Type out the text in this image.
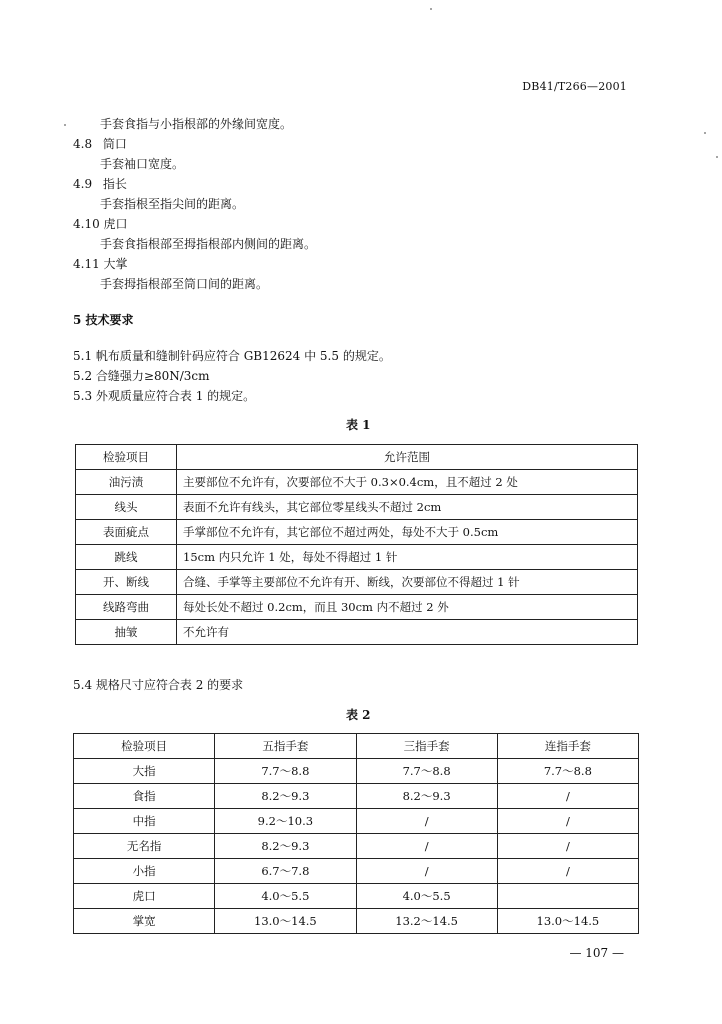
DB41/T266—2001
手套食指与小指根部的外缘间宽度。
4.8 筒口
手套袖口宽度。
4.9 指长
手套指根至指尖间的距离。
4.10 虎口
手套食指根部至拇指根部内侧间的距离。
4.11 大掌
手套拇指根部至筒口间的距离。
5 技术要求
5.1 帆布质量和缝制针码应符合 GB12624 中 5.5 的规定。
5.2 合缝强力≥80N/3cm
5.3 外观质量应符合表 1 的规定。
表 1
检验项目	允许范围
油污渍	主要部位不允许有，次要部位不大于 0.3×0.4cm，且不超过 2 处
线头	表面不允许有线头，其它部位零星线头不超过 2cm
表面疵点	手掌部位不允许有，其它部位不超过两处，每处不大于 0.5cm
跳线	15cm 内只允许 1 处，每处不得超过 1 针
开、断线	合缝、手掌等主要部位不允许有开、断线，次要部位不得超过 1 针
线路弯曲	每处长处不超过 0.2cm，而且 30cm 内不超过 2 外
抽皱	不允许有
5.4 规格尺寸应符合表 2 的要求
表 2
检验项目	五指手套	三指手套	连指手套
大指	7.7～8.8	7.7～8.8	7.7～8.8
食指	8.2～9.3	8.2～9.3	/
中指	9.2～10.3	/	/
无名指	8.2～9.3	/	/
小指	6.7～7.8	/	/
虎口	4.0～5.5	4.0～5.5	
掌宽	13.0～14.5	13.2～14.5	13.0～14.5
— 107 —
